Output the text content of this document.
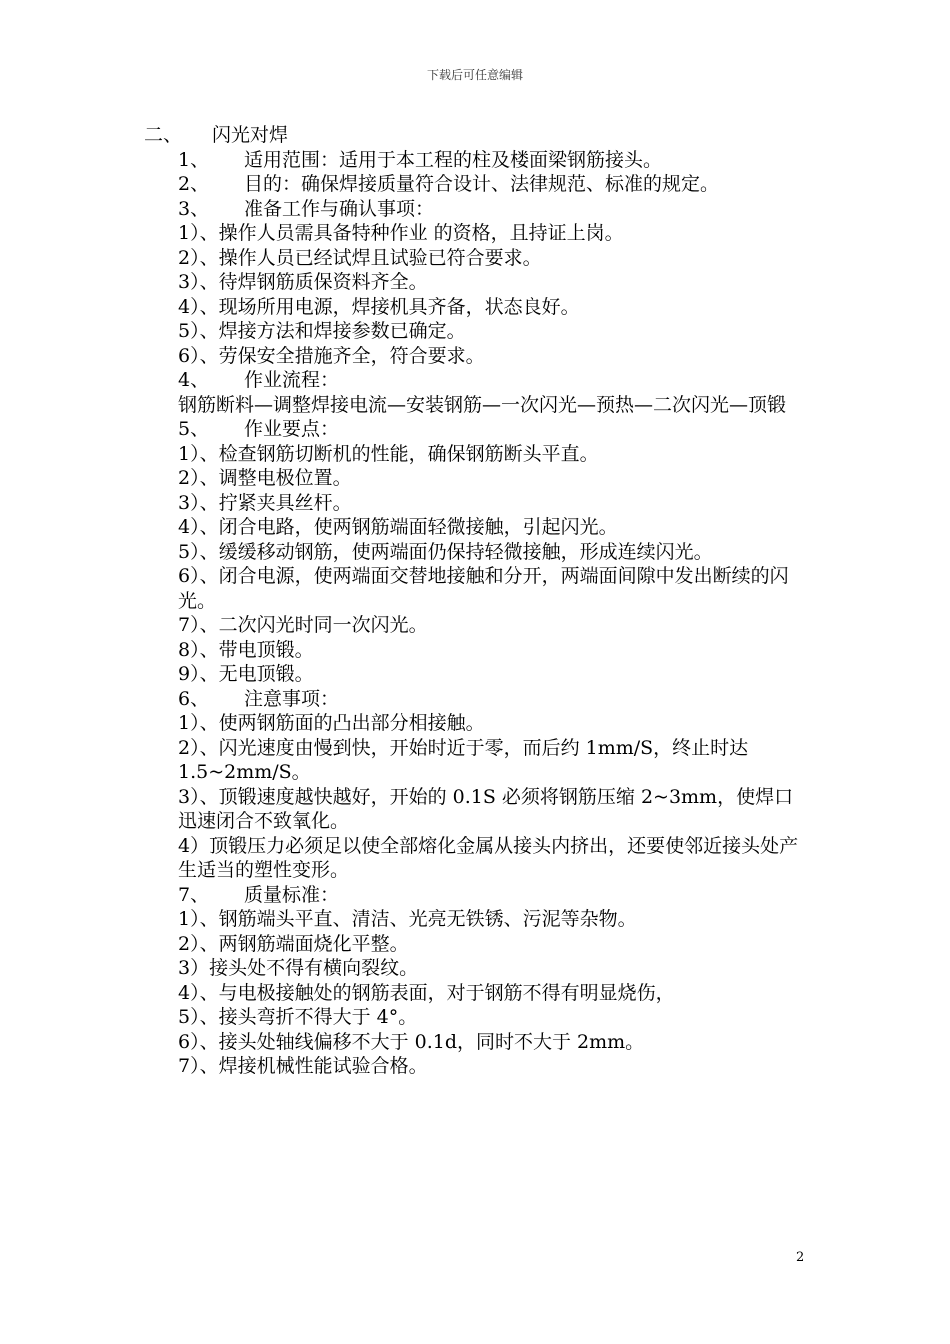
下载后可任意编辑
二、 闪光对焊
1、 适用范围：适用于本工程的柱及楼面梁钢筋接头。
2、 目的：确保焊接质量符合设计、法律规范、标准的规定。
3、 准备工作与确认事项：
1）、操作人员需具备特种作业 的资格，且持证上岗。
2）、操作人员已经试焊且试验已符合要求。
3）、待焊钢筋质保资料齐全。
4）、现场所用电源，焊接机具齐备，状态良好。
5）、焊接方法和焊接参数已确定。
6）、劳保安全措施齐全，符合要求。
4、 作业流程：
钢筋断料—调整焊接电流—安装钢筋—一次闪光—预热—二次闪光—顶锻
5、 作业要点：
1）、检查钢筋切断机的性能，确保钢筋断头平直。
2）、调整电极位置。
3）、拧紧夹具丝杆。
4）、闭合电路，使两钢筋端面轻微接触，引起闪光。
5）、缓缓移动钢筋，使两端面仍保持轻微接触，形成连续闪光。
6）、闭合电源，使两端面交替地接触和分开，两端面间隙中发出断续的闪光。
7）、二次闪光时同一次闪光。
8）、带电顶锻。
9）、无电顶锻。
6、 注意事项：
1）、使两钢筋面的凸出部分相接触。
2）、闪光速度由慢到快，开始时近于零，而后约 1mm/S，终止时达 1.5~2mm/S。
3）、顶锻速度越快越好，开始的 0.1S 必须将钢筋压缩 2~3mm，使焊口迅速闭合不致氧化。
4）顶锻压力必须足以使全部熔化金属从接头内挤出，还要使邻近接头处产生适当的塑性变形。
7、 质量标准：
1）、钢筋端头平直、清洁、光亮无铁锈、污泥等杂物。
2）、两钢筋端面烧化平整。
3）接头处不得有横向裂纹。
4）、与电极接触处的钢筋表面，对于钢筋不得有明显烧伤，
5）、接头弯折不得大于 4°。
6）、接头处轴线偏移不大于 0.1d，同时不大于 2mm。
7）、焊接机械性能试验合格。
2
